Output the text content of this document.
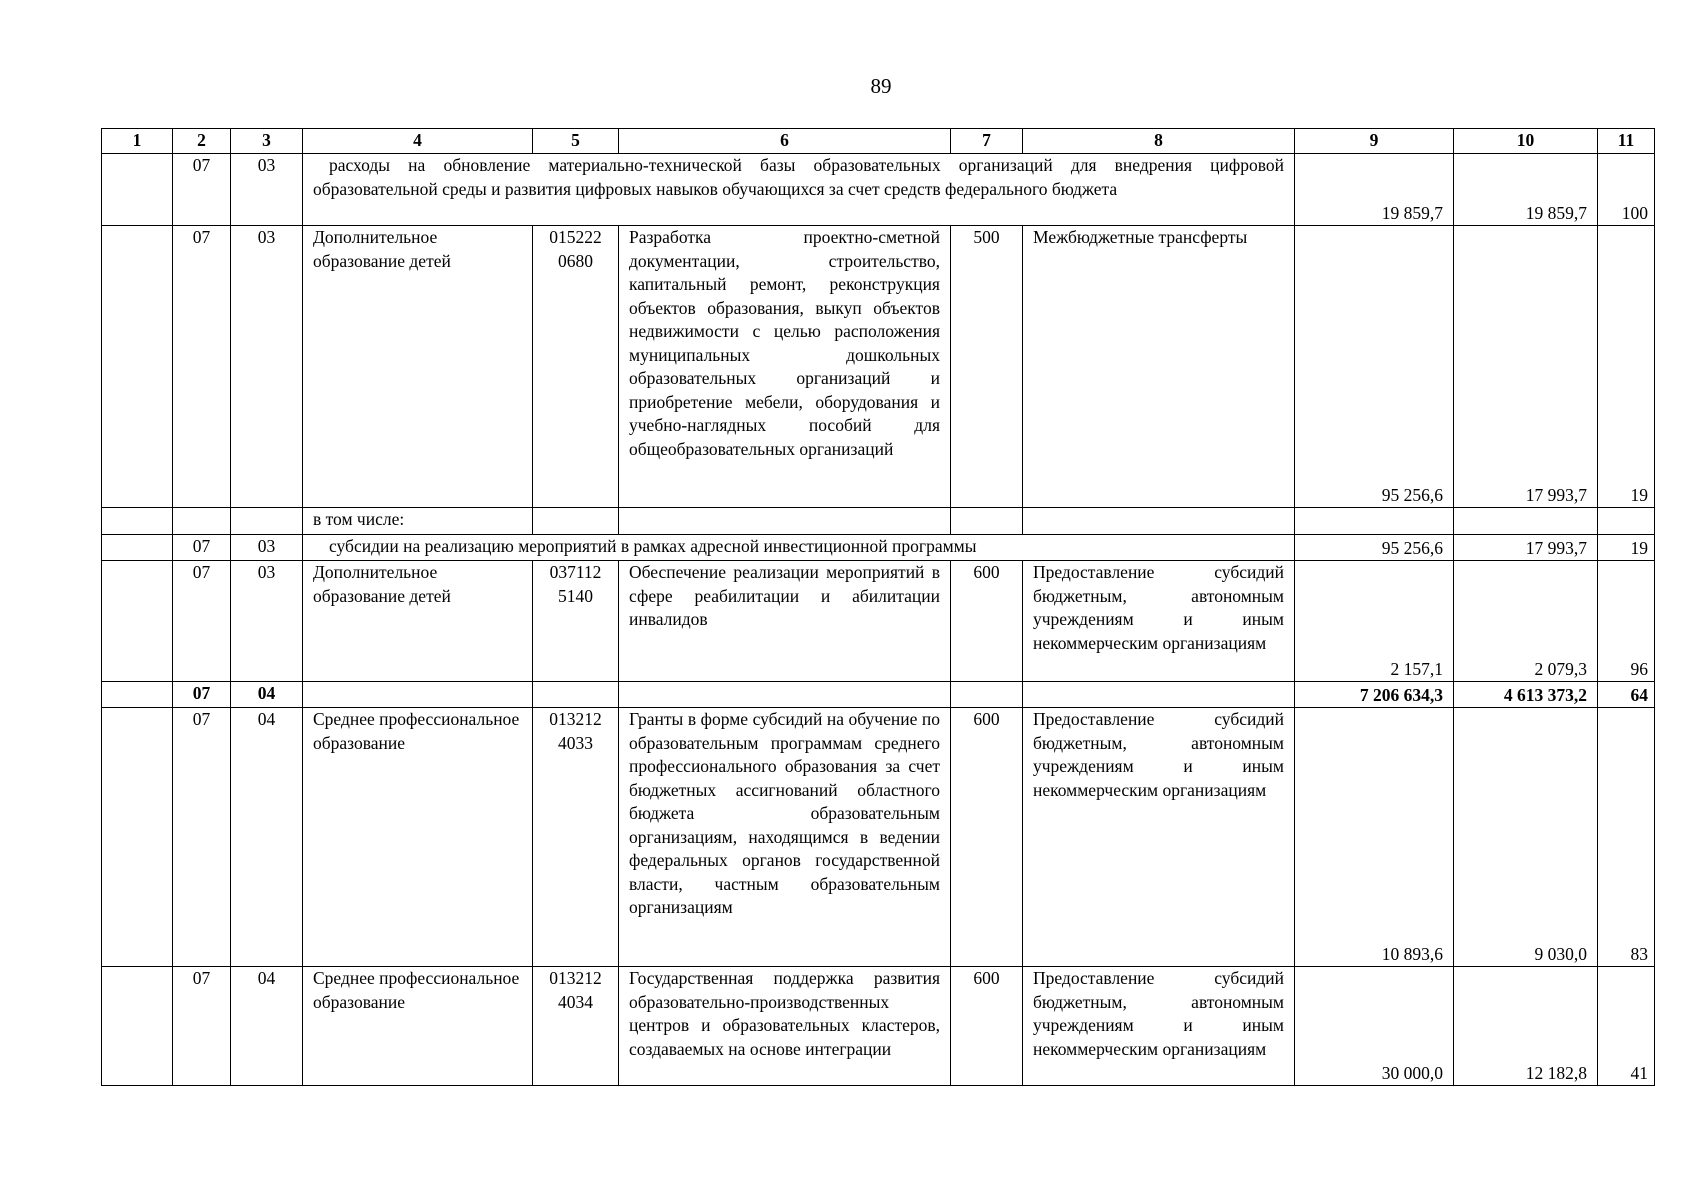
89
1	2	3	4	5	6	7	8	9	10	11
	07	03	расходы на обновление материально-технической базы образовательных организаций для внедрения цифровой образовательной среды и развития цифровых навыков обучающихся за счет средств федерального бюджета					19 859,7	19 859,7	100
	07	03	Дополнительное образование детей	015222 0680	Разработка проектно-сметной документации, строительство, капитальный ремонт, реконструкция объектов образования, выкуп объектов недвижимости с целью расположения муниципальных дошкольных образовательных организаций и приобретение мебели, оборудования и учебно-наглядных пособий для общеобразовательных организаций	500	Межбюджетные трансферты	95 256,6	17 993,7	19
			в том числе:							
	07	03	субсидии на реализацию мероприятий в рамках адресной инвестиционной программы					95 256,6	17 993,7	19
	07	03	Дополнительное образование детей	037112 5140	Обеспечение реализации мероприятий в сфере реабилитации и абилитации инвалидов	600	Предоставление субсидий бюджетным, автономным учреждениям и иным некоммерческим организациям	2 157,1	2 079,3	96
	07	04						7 206 634,3	4 613 373,2	64
	07	04	Среднее профессиональное образование	013212 4033	Гранты в форме субсидий на обучение по образовательным программам среднего профессионального образования за счет бюджетных ассигнований областного бюджета образовательным организациям, находящимся в ведении федеральных органов государственной власти, частным образовательным организациям	600	Предоставление субсидий бюджетным, автономным учреждениям и иным некоммерческим организациям	10 893,6	9 030,0	83
	07	04	Среднее профессиональное образование	013212 4034	Государственная поддержка развития образовательно-производственных центров и образовательных кластеров, создаваемых на основе интеграции	600	Предоставление субсидий бюджетным, автономным учреждениям и иным некоммерческим организациям	30 000,0	12 182,8	41
